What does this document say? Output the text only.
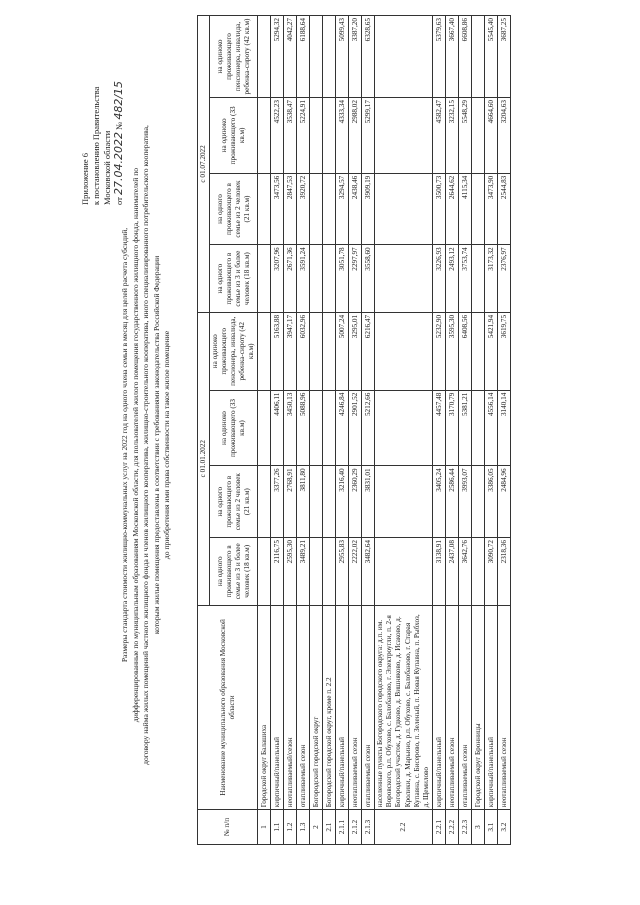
Приложение 6 к постановлению Правительства Московской области от 27.04.2022 № 482/15
Размеры стандарта стоимости жилищно-коммунальных услуг на 2022 год на одного члена семьи в месяц для целей расчета субсидий, дифференцированные по муниципальным образованиям Московской области, для пользователей жилого помещения государственного жилищного фонда, нанимателей по договору найма жилых помещений частного жилищного фонда и членов жилищного кооператива, жилищно-строительного кооператива, иного специализированного потребительского кооператива, которым жилые помещения предоставлены в соответствии с требованиями законодательства Российской Федерации до приобретения ими права собственности на такое жилое помещение
№ п/п	Наименование муниципального образования Московской области	с 01.01.2022				с 01.07.2022			
		на одного проживающего в семье из 3 и более человек (18 кв.м)	на одного проживающего в семье из 2 человек (21 кв.м)	на одиноко проживающего (33 кв.м)	на одиноко проживающего пенсионера, инвалида, ребенка-сироту (42 кв.м)	на одного проживающего в семье из 3 и более человек (18 кв.м)	на одного проживающего в семье из 2 человек (21 кв.м)	на одиноко проживающего (33 кв.м)	на одиноко проживающего пенсионера, инвалида, ребенка-сироту (42 кв.м)
1	Городской округ Балашиха								
1.1	кирпичный/панельный	2116,75	3377,26	4406,11	5163,88	3207,96	3473,56	4522,23	5294,32
1.2	неотапливаемый/сезон	2595,30	2768,91	3450,13	3947,17	2671,36	2847,53	3538,47	4042,27
1.3	отапливаемый сезон	3489,21	3811,80	5088,96	6032,96	3591,24	3920,72	5224,91	6188,64
2	Богородский городской округ								
2.1	Богородский городской округ, кроме п. 2.2								
2.1.1	кирпичный/панельный	2955,83	3216,40	4246,84	5007,24	3051,78	3294,57	4333,34	5099,43
2.1.2	неотапливаемый сезон	2222,02	2360,29	2901,52	3295,01	2297,97	2438,46	2988,02	3387,20
2.1.3	отапливаемый сезон	3482,64	3831,01	5212,66	6216,47	3558,60	3909,19	5299,17	6328,65
2.2	населенные пункты Богородского городского округа: д.п. им. Воровского, р.п. Обухово, с. Балобаново, г. Электроугли, п. 2-я Богородский участок, д. Гудково, д. Вишняково, д. Исаково, д. Кролики, д. Марьино, р.п. Обухово, с. Балобаново, г. Старая Купавна, с. Бисерово, п. Зеленый, п. Новая Купавна, п. Рыбхоз, д. Щемилово								
2.2.1	кирпичный/панельный	3138,91	3405,24	4457,48	5232,90	3226,93	3500,73	4582,47	5379,63
2.2.2	неотапливаемый сезон	2437,08	2586,44	3170,79	3595,30	2493,12	2644,62	3232,15	3667,40
2.2.3	отапливаемый сезон	3642,76	3993,07	5381,21	6408,56	3753,74	4115,34	5548,29	6608,86
3	Городской округ Бронницы								
3.1	кирпичный/панельный	3090,72	3386,05	4556,14	5421,94	3173,32	3473,90	4664,60	5545,40
3.2	неотапливаемый сезон	2318,36	2484,96	3140,14	3619,75	2376,97	2544,83	3204,63	3687,25
